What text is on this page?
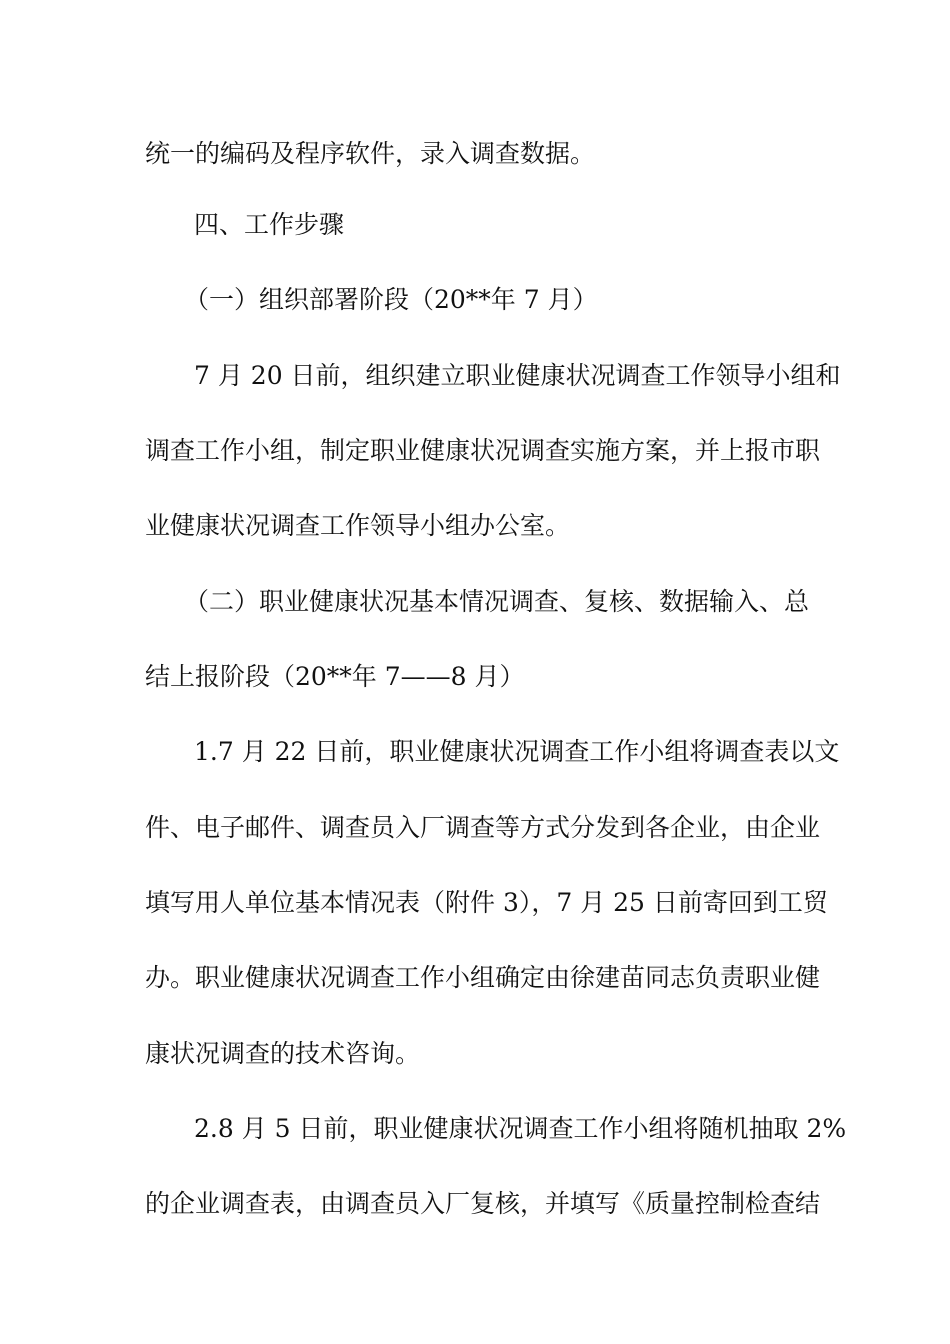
统一的编码及程序软件，录入调查数据。
四、工作步骤
（一）组织部署阶段（20**年 7 月）
7 月 20 日前，组织建立职业健康状况调查工作领导小组和
调查工作小组，制定职业健康状况调查实施方案，并上报市职
业健康状况调查工作领导小组办公室。
（二）职业健康状况基本情况调查、复核、数据输入、总
结上报阶段（20**年 7——8 月）
1.7 月 22 日前，职业健康状况调查工作小组将调查表以文
件、电子邮件、调查员入厂调查等方式分发到各企业，由企业
填写用人单位基本情况表（附件 3），7 月 25 日前寄回到工贸
办。职业健康状况调查工作小组确定由徐建苗同志负责职业健
康状况调查的技术咨询。
2.8 月 5 日前，职业健康状况调查工作小组将随机抽取 2%
的企业调查表，由调查员入厂复核，并填写《质量控制检查结
